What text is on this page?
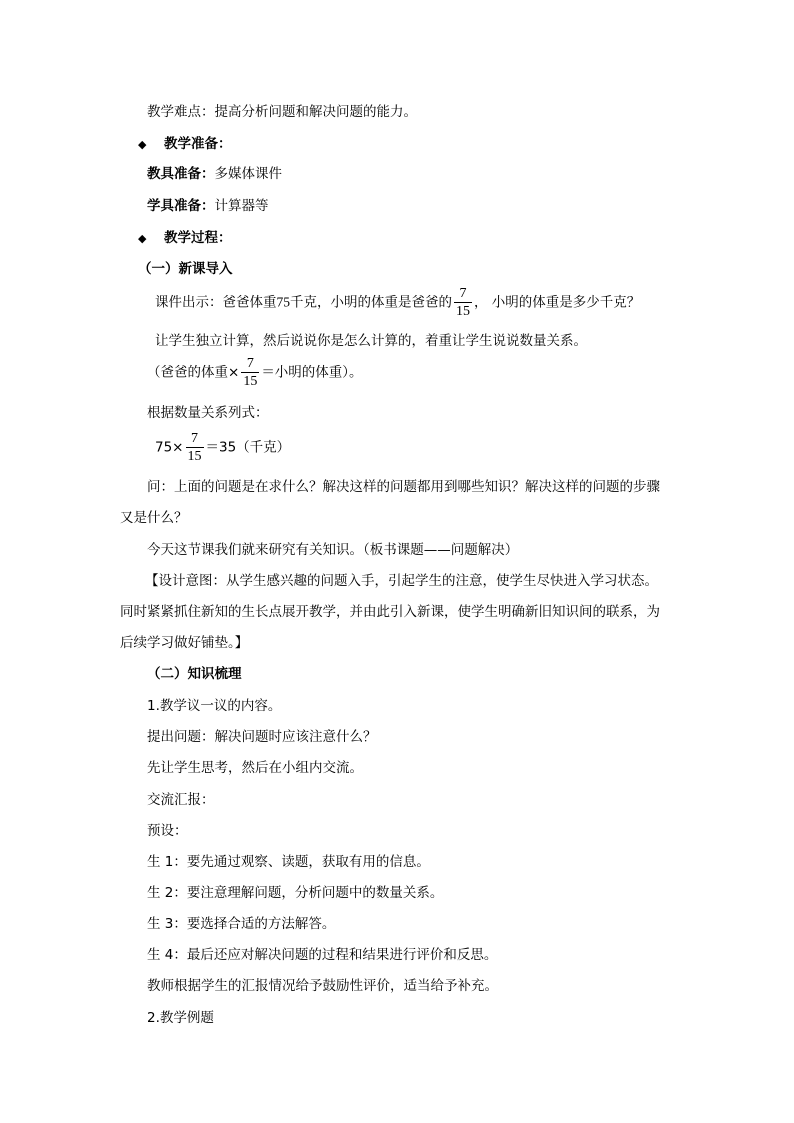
教学难点：提高分析问题和解决问题的能力。
◆ 教学准备：
教具准备：多媒体课件
学具准备：计算器等
◆ 教学过程：
（一）新课导入
课件出示：爸爸体重75千克，小明的体重是爸爸的 $\frac{7}{15}$ ， 小明的体重是多少千克？
让学生独立计算，然后说说你是怎么计算的，着重让学生说说数量关系。
（爸爸的体重× $\frac{7}{15}$ ＝小明的体重）。
根据数量关系列式：
$75\times \frac{7}{15} =35$（千克）
问：上面的问题是在求什么？解决这样的问题都用到哪些知识？解决这样的问题的步骤
又是什么？
今天这节课我们就来研究有关知识。（板书课题——问题解决）
【设计意图：从学生感兴趣的问题入手，引起学生的注意，使学生尽快进入学习状态。
同时紧紧抓住新知的生长点展开教学，并由此引入新课，使学生明确新旧知识间的联系，为
后续学习做好铺垫。】
（二）知识梳理
1.教学议一议的内容。
提出问题：解决问题时应该注意什么？
先让学生思考，然后在小组内交流。
交流汇报：
预设：
生 1：要先通过观察、读题，获取有用的信息。
生 2：要注意理解问题，分析问题中的数量关系。
生 3：要选择合适的方法解答。
生 4：最后还应对解决问题的过程和结果进行评价和反思。
教师根据学生的汇报情况给予鼓励性评价，适当给予补充。
2.教学例题
